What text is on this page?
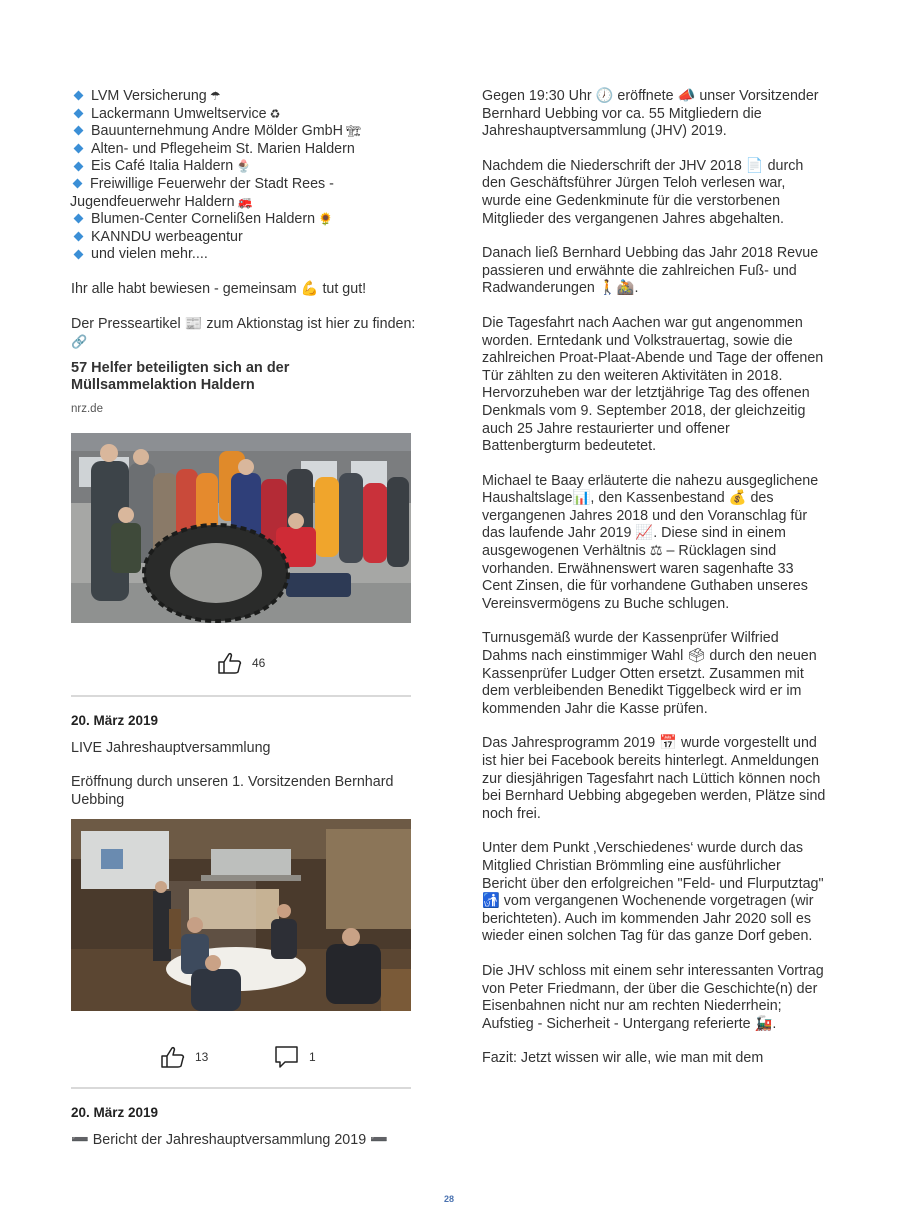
LVM Versicherung ☂
Lackermann Umweltservice ♻
Bauunternehmung Andre Mölder GmbH 🏗
Alten- und Pflegeheim St. Marien Haldern
Eis Café Italia Haldern 🍨
Freiwillige Feuerwehr der Stadt Rees - Jugendfeuerwehr Haldern 🚒
Blumen-Center Cornelißen Haldern 🌻
KANNDU werbeagentur
und vielen mehr....
Ihr alle habt bewiesen - gemeinsam 💪 tut gut!
Der Presseartikel 📰 zum Aktionstag ist hier zu finden:
🔗
57 Helfer beteiligten sich an der Müllsammelaktion Haldern
nrz.de
46
20. März 2019
LIVE Jahreshauptversammlung
Eröffnung durch unseren 1. Vorsitzenden Bernhard Uebbing
13	1
20. März 2019
➖ Bericht der Jahreshauptversammlung 2019 ➖

Gegen 19:30 Uhr 🕖 eröffnete 📣 unser Vorsitzender Bernhard Uebbing vor ca. 55 Mitgliedern die Jahreshauptversammlung (JHV) 2019.

Nachdem die Niederschrift der JHV 2018 📄 durch den Geschäftsführer Jürgen Teloh verlesen war, wurde eine Gedenkminute für die verstorbenen Mitglieder des vergangenen Jahres abgehalten.

Danach ließ Bernhard Uebbing das Jahr 2018 Revue passieren und erwähnte die zahlreichen Fuß- und Radwanderungen 🚶🚵.

Die Tagesfahrt nach Aachen war gut angenommen worden. Erntedank und Volkstrauertag, sowie die zahlreichen Proat-Plaat-Abende und Tage der offenen Tür zählten zu den weiteren Aktivitäten in 2018.
Hervorzuheben war der letztjährige Tag des offenen Denkmals vom 9. September 2018, der gleichzeitig auch 25 Jahre restaurierter und offener Battenbergturm bedeutetet.

Michael te Baay erläuterte die nahezu ausgeglichene Haushaltslage📊, den Kassenbestand 💰 des vergangenen Jahres 2018 und den Voranschlag für das laufende Jahr 2019 📈. Diese sind in einem ausgewogenen Verhältnis ⚖ – Rücklagen sind vorhanden. Erwähnenswert waren sagenhafte 33 Cent Zinsen, die für vorhandene Guthaben unseres Vereinsvermögens zu Buche schlugen.

Turnusgemäß wurde der Kassenprüfer Wilfried Dahms nach einstimmiger Wahl 🗳 durch den neuen Kassenprüfer Ludger Otten ersetzt. Zusammen mit dem verbleibenden Benedikt Tiggelbeck wird er im kommenden Jahr die Kasse prüfen.

Das Jahresprogramm 2019 📅 wurde vorgestellt und ist hier bei Facebook bereits hinterlegt. Anmeldungen zur diesjährigen Tagesfahrt nach Lüttich können noch bei Bernhard Uebbing abgegeben werden, Plätze sind noch frei.

Unter dem Punkt ‚Verschiedenes‘ wurde durch das Mitglied Christian Brömmling eine ausführlicher Bericht über den erfolgreichen "Feld- und Flurputztag" 🚮 vom vergangenen Wochenende vorgetragen (wir berichteten). Auch im kommenden Jahr 2020 soll es wieder einen solchen Tag für das ganze Dorf geben.

Die JHV schloss mit einem sehr interessanten Vortrag von Peter Friedmann, der über die Geschichte(n) der Eisenbahnen nicht nur am rechten Niederrhein; Aufstieg - Sicherheit - Untergang referierte 🚂.

Fazit: Jetzt wissen wir alle, wie man mit dem

28
